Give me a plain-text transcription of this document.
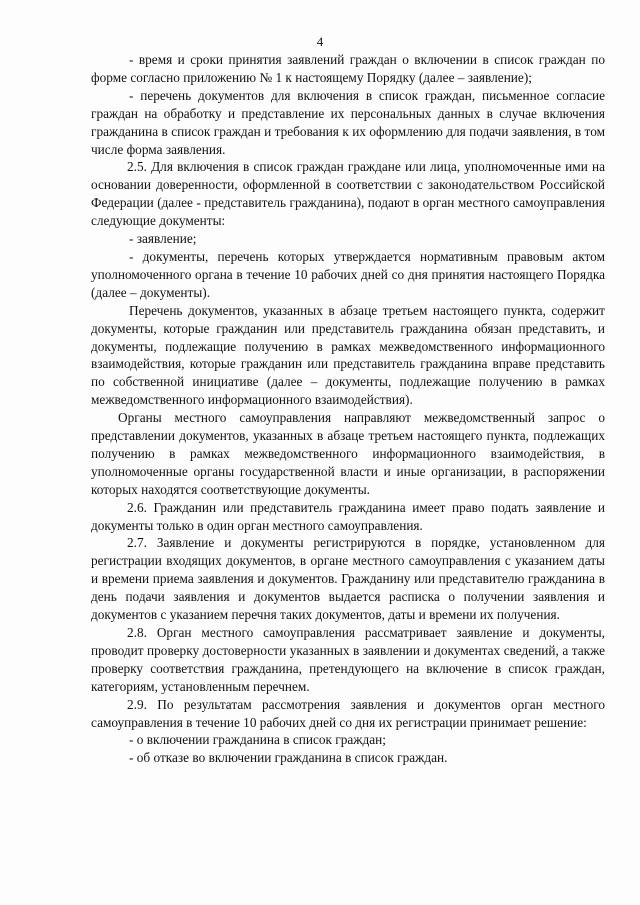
4

- время и сроки принятия заявлений граждан о включении в список граждан по форме согласно приложению № 1 к настоящему Порядку (далее – заявление);

- перечень документов для включения в список граждан, письменное согласие граждан на обработку и представление их персональных данных в случае включения гражданина в список граждан и требования к их оформлению для подачи заявления, в том числе форма заявления.

2.5. Для включения в список граждан граждане или лица, уполномоченные ими на основании доверенности, оформленной в соответствии с законодательством Российской Федерации (далее - представитель гражданина), подают в орган местного самоуправления следующие документы:

- заявление;

- документы, перечень которых утверждается нормативным правовым актом уполномоченного органа в течение 10 рабочих дней со дня принятия настоящего Порядка (далее – документы).

Перечень документов, указанных в абзаце третьем настоящего пункта, содержит документы, которые гражданин или представитель гражданина обязан представить, и документы, подлежащие получению в рамках межведомственного информационного взаимодействия, которые гражданин или представитель гражданина вправе представить по собственной инициативе (далее – документы, подлежащие получению в рамках межведомственного информационного взаимодействия).

Органы местного самоуправления направляют межведомственный запрос о представлении документов, указанных в абзаце третьем настоящего пункта, подлежащих получению в рамках межведомственного информационного взаимодействия, в уполномоченные органы государственной власти и иные организации, в распоряжении которых находятся соответствующие документы.

2.6. Гражданин или представитель гражданина имеет право подать заявление и документы только в один орган местного самоуправления.

2.7. Заявление и документы регистрируются в порядке, установленном для регистрации входящих документов, в органе местного самоуправления с указанием даты и времени приема заявления и документов. Гражданину или представителю гражданина в день подачи заявления и документов выдается расписка о получении заявления и документов с указанием перечня таких документов, даты и времени их получения.

2.8. Орган местного самоуправления рассматривает заявление и документы, проводит проверку достоверности указанных в заявлении и документах сведений, а также проверку соответствия гражданина, претендующего на включение в список граждан, категориям, установленным перечнем.

2.9. По результатам рассмотрения заявления и документов орган местного самоуправления в течение 10 рабочих дней со дня их регистрации принимает решение:

- о включении гражданина в список граждан;

- об отказе во включении гражданина в список граждан.
